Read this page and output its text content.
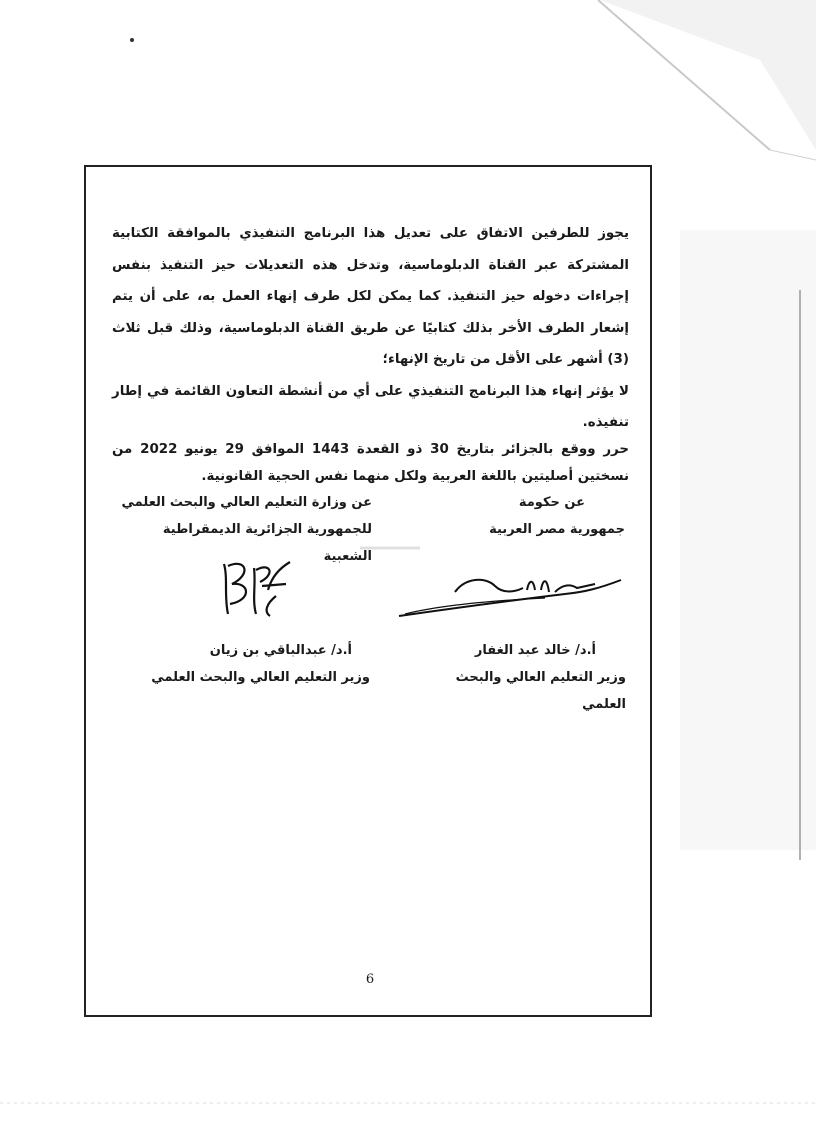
يجوز للطرفين الاتفاق على تعديل هذا البرنامج التنفيذي بالموافقة الكتابية المشتركة عبر القناة الدبلوماسية، وتدخل هذه التعديلات حيز التنفيذ بنفس إجراءات دخوله حيز التنفيذ. كما يمكن لكل طرف إنهاء العمل به، على أن يتم إشعار الطرف الأخر بذلك كتابيًا عن طريق القناة الدبلوماسية، وذلك قبل ثلاث (3) أشهر على الأقل من تاريخ الإنهاء؛

لا يؤثر إنهاء هذا البرنامج التنفيذي على أي من أنشطة التعاون القائمة في إطار تنفيذه.

حرر ووقع بالجزائر بتاريخ 30 ذو القعدة 1443 الموافق 29 يونيو 2022 من نسختين أصليتين باللغة العربية ولكل منهما نفس الحجية القانونية.
عن حكومة
جمهورية مصر العربية
عن وزارة التعليم العالي والبحث العلمي
للجمهورية الجزائرية الديمقراطية الشعبية
أ.د/ خالد عبد الغفار
وزير التعليم العالي والبحث العلمي
أ.د/ عبدالباقي بن زيان
وزير التعليم العالي والبحث العلمي
6
